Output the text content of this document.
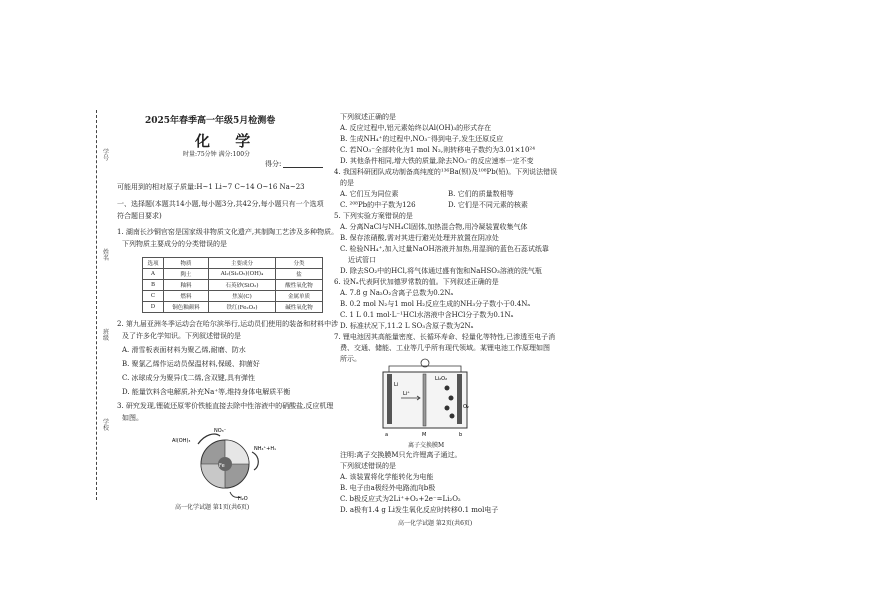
学号
姓名
班级
学校
2025年春季高一年级5月检测卷
化 学
时量:75分钟 满分:100分
得分:
可能用到的相对原子质量:H~1 Li~7 C~14 O~16 Na~23
一、选择题(本题共14小题,每小题3分,共42分,每小题只有一个选项
符合题目要求)
1. 湖南长沙铜官窑是国家级非物质文化遗产,其制陶工艺涉及多种物质。
下列物质主要成分的分类错误的是
选项	物质	主要成分	分类
A	陶土	Al₂(Si₂O₅)(OH)₄	盐
B	釉料	石英砂(SiO₂)	酸性氧化物
C	燃料	焦炭(C)	金属单质
D	铜色釉颜料	铁红(Fe₂O₃)	碱性氧化物
2. 第九届亚洲冬季运动会在哈尔滨举行,运动员们使用的装备和材料中涉
及了许多化学知识。下列叙述错误的是
A. 滑雪板表面材料为聚乙烯,耐磨、防水
B. 聚氯乙烯作运动员保温材料,保暖、抑菌好
C. 冰球成分为聚异戊二烯,含双键,具有弹性
D. 能量饮料含电解质,补充Na⁺等,维持身体电解质平衡
3. 研究发现,锂硫还原零价铁能直接去除中性溶液中的硝酸盐,反应机理
如图。
Al(OH)₃
NO₃⁻
Fe
NH₄⁺+Hₓ
H₂O
高一化学试题 第1页(共6页)
下列叙述正确的是
A. 反应过程中,铝元素始终以Al(OH)₃的形式存在
B. 生成NH₄⁺的过程中,NO₃⁻得到电子,发生还原反应
C. 若NO₃⁻全部转化为1 mol N₂,则转移电子数约为3.01×10²⁴
D. 其他条件相同,增大铁的质量,除去NO₃⁻的反应速率一定不变
4. 我国科研团队成功制备高纯度的¹³⁶Ba(钡)及¹⁰⁸Pb(铅)。下列说法错误
的是
A. 它们互为同位素	B. 它们的质量数相等
C. ²⁰⁸Pb的中子数为126	D. 它们是不同元素的核素
5. 下列实验方案错误的是
A. 分离NaCl与NH₄Cl固体,加热混合物,用冷凝装置收集气体
B. 保存浓硝酸,需对其进行避光处理并放置在阴凉处
C. 检验NH₄⁺,加入过量NaOH溶液并加热,用湿润的蓝色石蕊试纸靠
近试管口
D. 除去SO₂中的HCl,将气体通过盛有饱和NaHSO₃溶液的洗气瓶
6. 设Nₐ代表阿伏加德罗常数的值。下列叙述正确的是
A. 7.8 g Na₂O₂含离子总数为0.2Nₐ
B. 0.2 mol N₂与1 mol H₂反应生成的NH₃分子数小于0.4Nₐ
C. 1 L 0.1 mol·L⁻¹HCl水溶液中含HCl分子数为0.1Nₐ
D. 标准状况下,11.2 L SO₃含原子数为2Nₐ
7. 锂电池因其高能量密度、长循环寿命、轻量化等特性,已渗透至电子消
费、交通、储能、工业等几乎所有现代领域。某锂电池工作原理如图
所示。
Li
Li₂O₂
Li⁺
O₂
a	b
M
离子交换膜M
注明:离子交换膜M只允许锂离子通过。
下列叙述错误的是
A. 该装置将化学能转化为电能
B. 电子由a极经外电路流向b极
C. b极反应式为2Li⁺+O₂+2e⁻=Li₂O₂
D. a极有1.4 g Li发生氧化反应时转移0.1 mol电子
高一化学试题 第2页(共6页)
